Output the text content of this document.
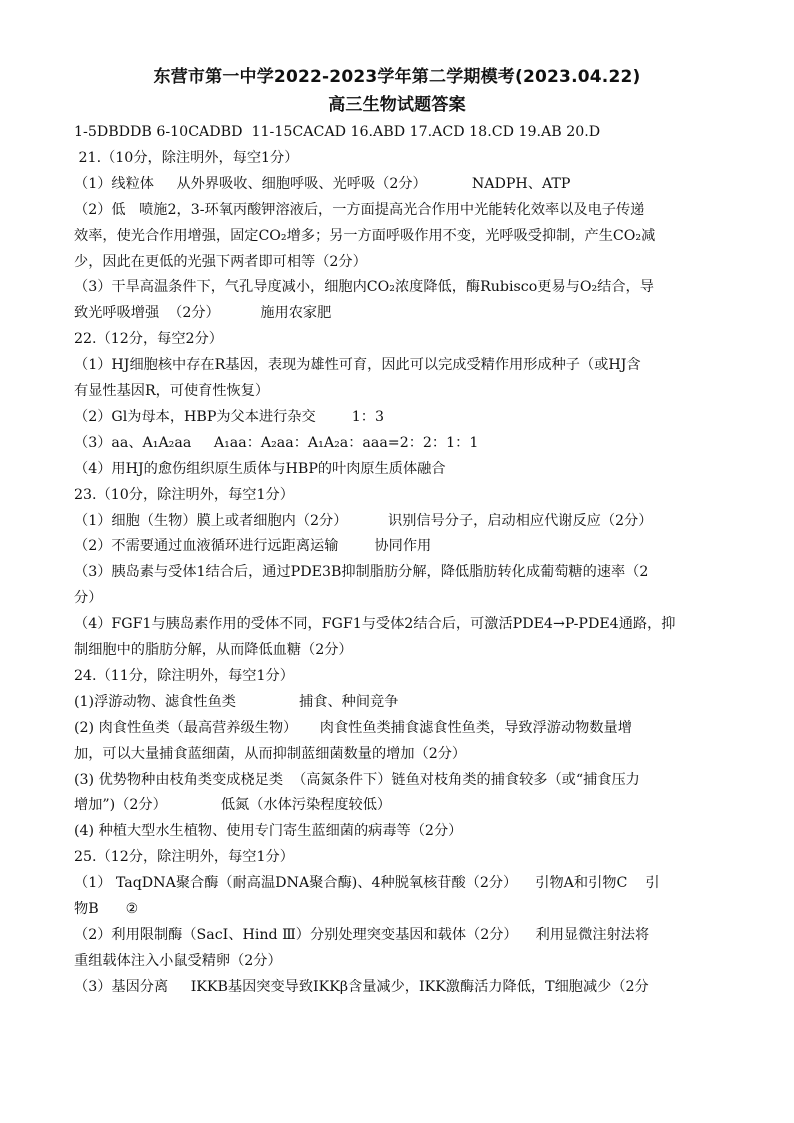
东营市第一中学2022-2023学年第二学期模考(2023.04.22)
高三生物试题答案
1-5DBDDB 6-10CADBD  11-15CACAD 16.ABD 17.ACD 18.CD 19.AB 20.D
21.（10分，除注明外，每空1分）
（1）线粒体     从外界吸收、细胞呼吸、光呼吸（2分）          NADPH、ATP
（2）低   喷施2，3-环氧丙酸钾溶液后，一方面提高光合作用中光能转化效率以及电子传递
效率，使光合作用增强，固定CO₂增多；另一方面呼吸作用不变，光呼吸受抑制，产生CO₂减
少，因此在更低的光强下两者即可相等（2分）
（3）干旱高温条件下，气孔导度减小，细胞内CO₂浓度降低，酶Rubisco更易与O₂结合，导
致光呼吸增强  （2分）         施用农家肥
22.（12分，每空2分）
（1）HJ细胞核中存在R基因，表现为雄性可育，因此可以完成受精作用形成种子（或HJ含
有显性基因R，可使育性恢复）
（2）Gl为母本，HBP为父本进行杂交        1：3
（3）aa、A₁A₂aa     A₁aa：A₂aa：A₁A₂a：aaa=2：2：1：1
（4）用HJ的愈伤组织原生质体与HBP的叶肉原生质体融合
23.（10分，除注明外，每空1分）
（1）细胞（生物）膜上或者细胞内（2分）         识别信号分子，启动相应代谢反应（2分）
（2）不需要通过血液循环进行远距离运输        协同作用
（3）胰岛素与受体1结合后，通过PDE3B抑制脂肪分解，降低脂肪转化成葡萄糖的速率（2
分）
（4）FGF1与胰岛素作用的受体不同，FGF1与受体2结合后，可激活PDE4→P-PDE4通路，抑
制细胞中的脂肪分解，从而降低血糖（2分）
24.（11分，除注明外，每空1分）
(1)浮游动物、滤食性鱼类              捕食、种间竞争
(2) 肉食性鱼类（最高营养级生物）     肉食性鱼类捕食滤食性鱼类，导致浮游动物数量增
加，可以大量捕食蓝细菌，从而抑制蓝细菌数量的增加（2分）
(3) 优势物种由枝角类变成桡足类  （高氮条件下）链鱼对枝角类的捕食较多（或“捕食压力
增加”)（2分）            低氮（水体污染程度较低）
(4) 种植大型水生植物、使用专门寄生蓝细菌的病毒等（2分）
25.（12分，除注明外，每空1分）
（1） TaqDNA聚合酶（耐高温DNA聚合酶)、4种脱氧核苷酸（2分）    引物A和引物C    引
物B      ②
（2）利用限制酶（SacⅠ、Hind Ⅲ）分别处理突变基因和载体（2分）    利用显微注射法将
重组载体注入小鼠受精卵（2分）
（3）基因分离     IKKB基因突变导致IKKβ含量减少，IKK激酶活力降低，T细胞减少（2分
